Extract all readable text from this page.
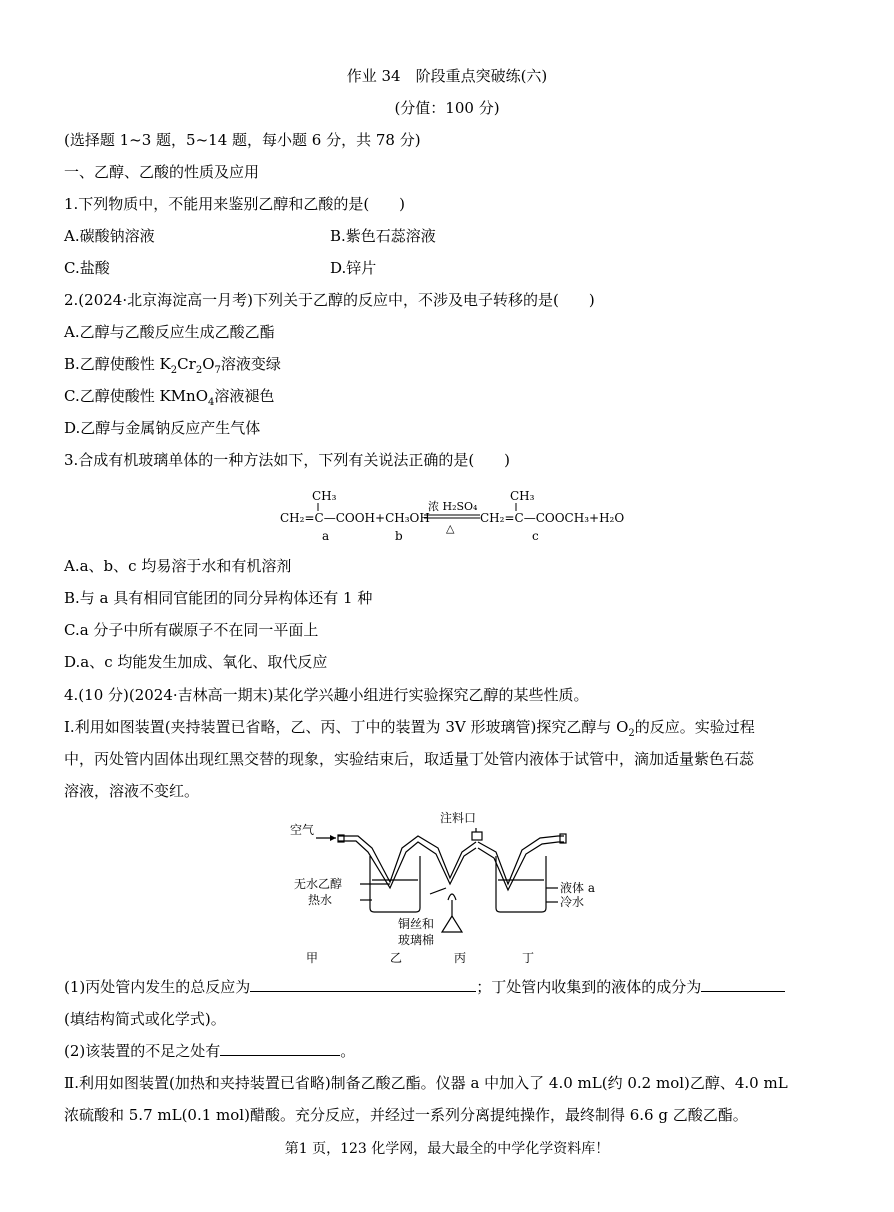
作业 34　阶段重点突破练(六)
(分值：100 分)
(选择题 1~3 题，5~14 题，每小题 6 分，共 78 分)
一、乙醇、乙酸的性质及应用
1.下列物质中，不能用来鉴别乙醇和乙酸的是( )
A.碳酸钠溶液	B.紫色石蕊溶液
C.盐酸	D.锌片
2.(2024·北京海淀高一月考)下列关于乙醇的反应中，不涉及电子转移的是( )
A.乙醇与乙酸反应生成乙酸乙酯
B.乙醇使酸性 $K_2Cr_2O_7$溶液变绿
C.乙醇使酸性 KMnO$_4$溶液褪色
D.乙醇与金属钠反应产生气体
3.合成有机玻璃单体的一种方法如下，下列有关说法正确的是( )
CH₃
CH₂=C—COOH+CH₃OH
浓 H₂SO₄
△
CH₃
CH₂=C—COOCH₃+H₂O
a	b	c
A.a、b、c 均易溶于水和有机溶剂
B.与 a 具有相同官能团的同分异构体还有 1 种
C.a 分子中所有碳原子不在同一平面上
D.a、c 均能发生加成、氧化、取代反应
4.(10 分)(2024·吉林高一期末)某化学兴趣小组进行实验探究乙醇的某些性质。
Ⅰ.利用如图装置(夹持装置已省略，乙、丙、丁中的装置为 3V 形玻璃管)探究乙醇与 $O_2$的反应。实验过程
中，丙处管内固体出现红黑交替的现象，实验结束后，取适量丁处管内液体于试管中，滴加适量紫色石蕊
溶液，溶液不变红。
空气
注料口
无水乙醇
热水
铜丝和
玻璃棉
液体 a
冷水
甲	乙	丙	丁
(1)丙处管内发生的总反应为	；丁处管内收集到的液体的成分为
(填结构简式或化学式)。
(2)该装置的不足之处有	。
Ⅱ.利用如图装置(加热和夹持装置已省略)制备乙酸乙酯。仪器 a 中加入了 4.0 mL(约 0.2 mol)乙醇、4.0 mL
浓硫酸和 5.7 mL(0.1 mol)醋酸。充分反应，并经过一系列分离提纯操作，最终制得 6.6 g 乙酸乙酯。
第1 页，123 化学网，最大最全的中学化学资料库！
